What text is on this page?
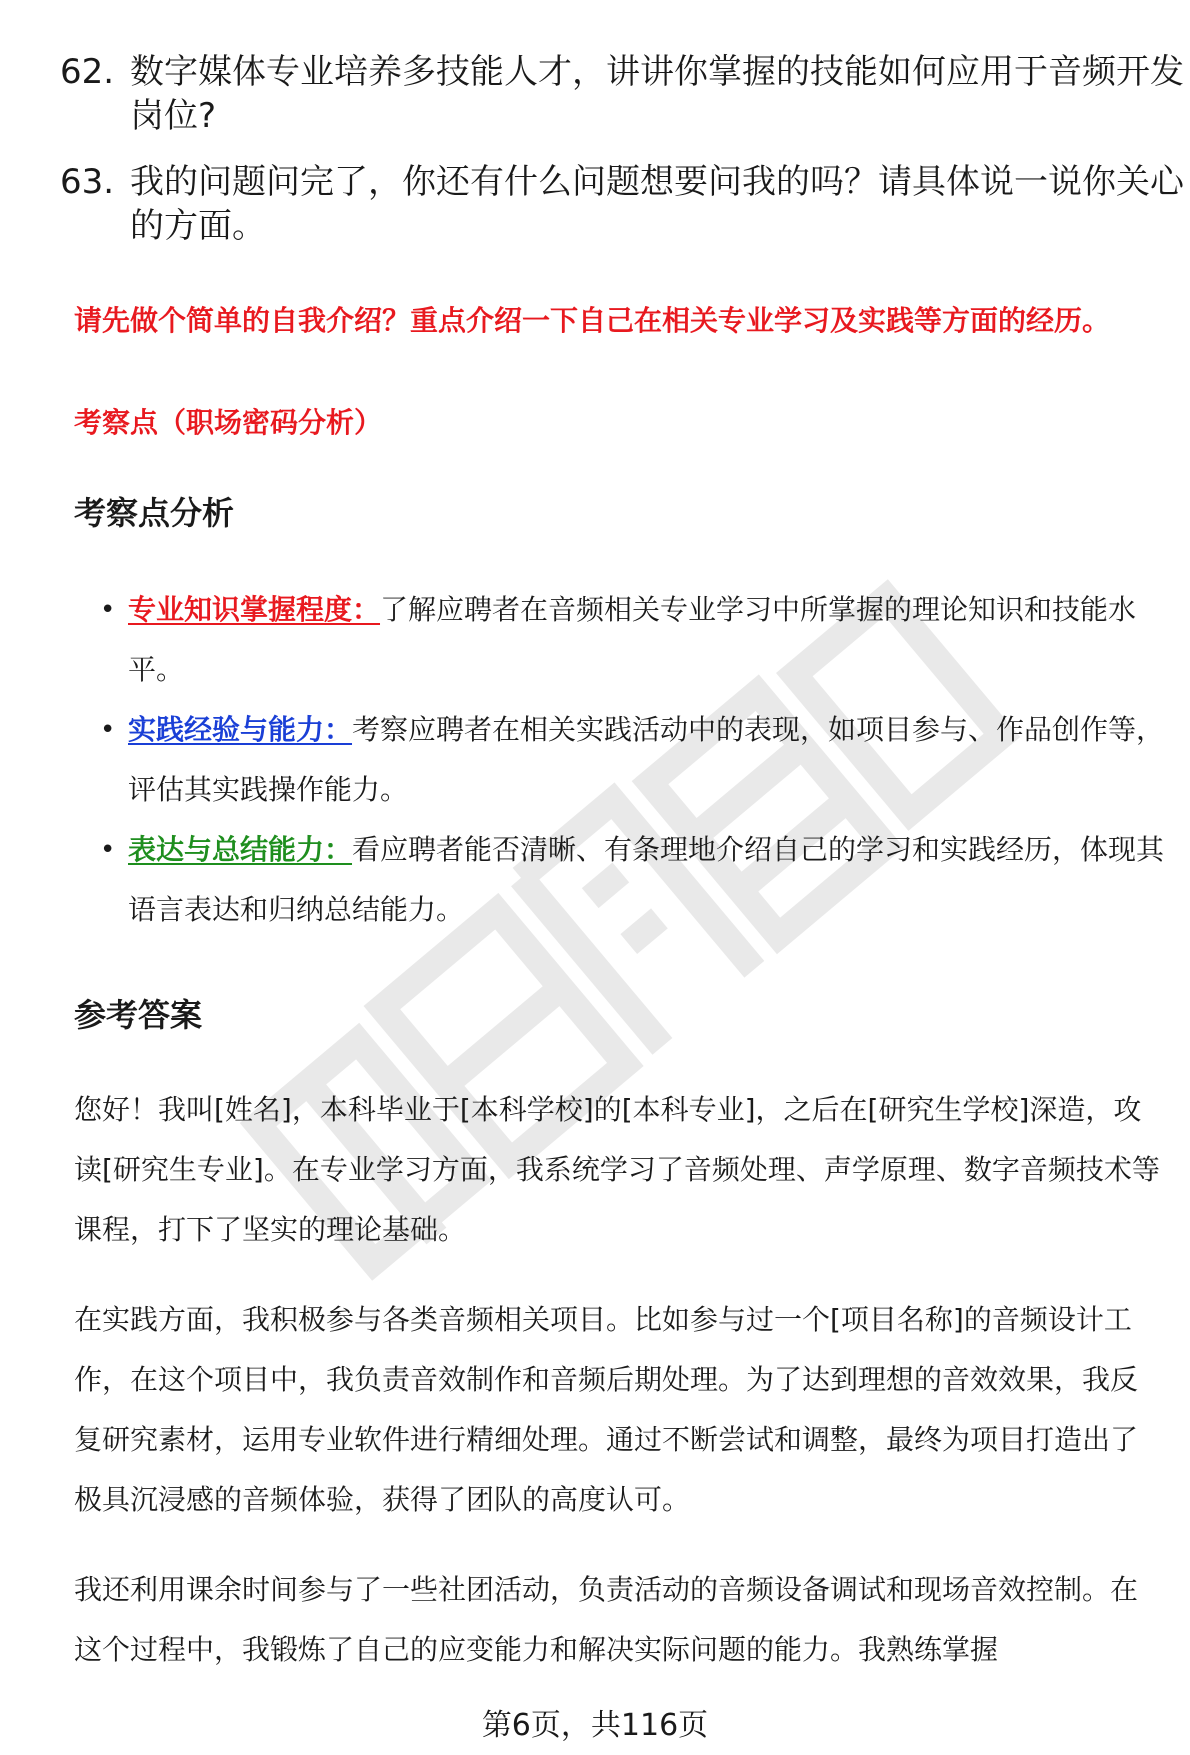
62. 数字媒体专业培养多技能人才，讲讲你掌握的技能如何应用于音频开发岗位?
63. 我的问题问完了，你还有什么问题想要问我的吗？请具体说一说你关心的方面。
请先做个简单的自我介绍？重点介绍一下自己在相关专业学习及实践等方面的经历。
考察点（职场密码分析）
考察点分析
• 专业知识掌握程度：了解应聘者在音频相关专业学习中所掌握的理论知识和技能水平。
• 实践经验与能力：考察应聘者在相关实践活动中的表现，如项目参与、作品创作等，评估其实践操作能力。
• 表达与总结能力：看应聘者能否清晰、有条理地介绍自己的学习和实践经历，体现其语言表达和归纳总结能力。
参考答案
您好！我叫[姓名]，本科毕业于[本科学校]的[本科专业]，之后在[研究生学校]深造，攻读[研究生专业]。在专业学习方面，我系统学习了音频处理、声学原理、数字音频技术等课程，打下了坚实的理论基础。
在实践方面，我积极参与各类音频相关项目。比如参与过一个[项目名称]的音频设计工作，在这个项目中，我负责音效制作和音频后期处理。为了达到理想的音效效果，我反复研究素材，运用专业软件进行精细处理。通过不断尝试和调整，最终为项目打造出了极具沉浸感的音频体验，获得了团队的高度认可。
我还利用课余时间参与了一些社团活动，负责活动的音频设备调试和现场音效控制。在这个过程中，我锻炼了自己的应变能力和解决实际问题的能力。我熟练掌握
第6页，共116页
